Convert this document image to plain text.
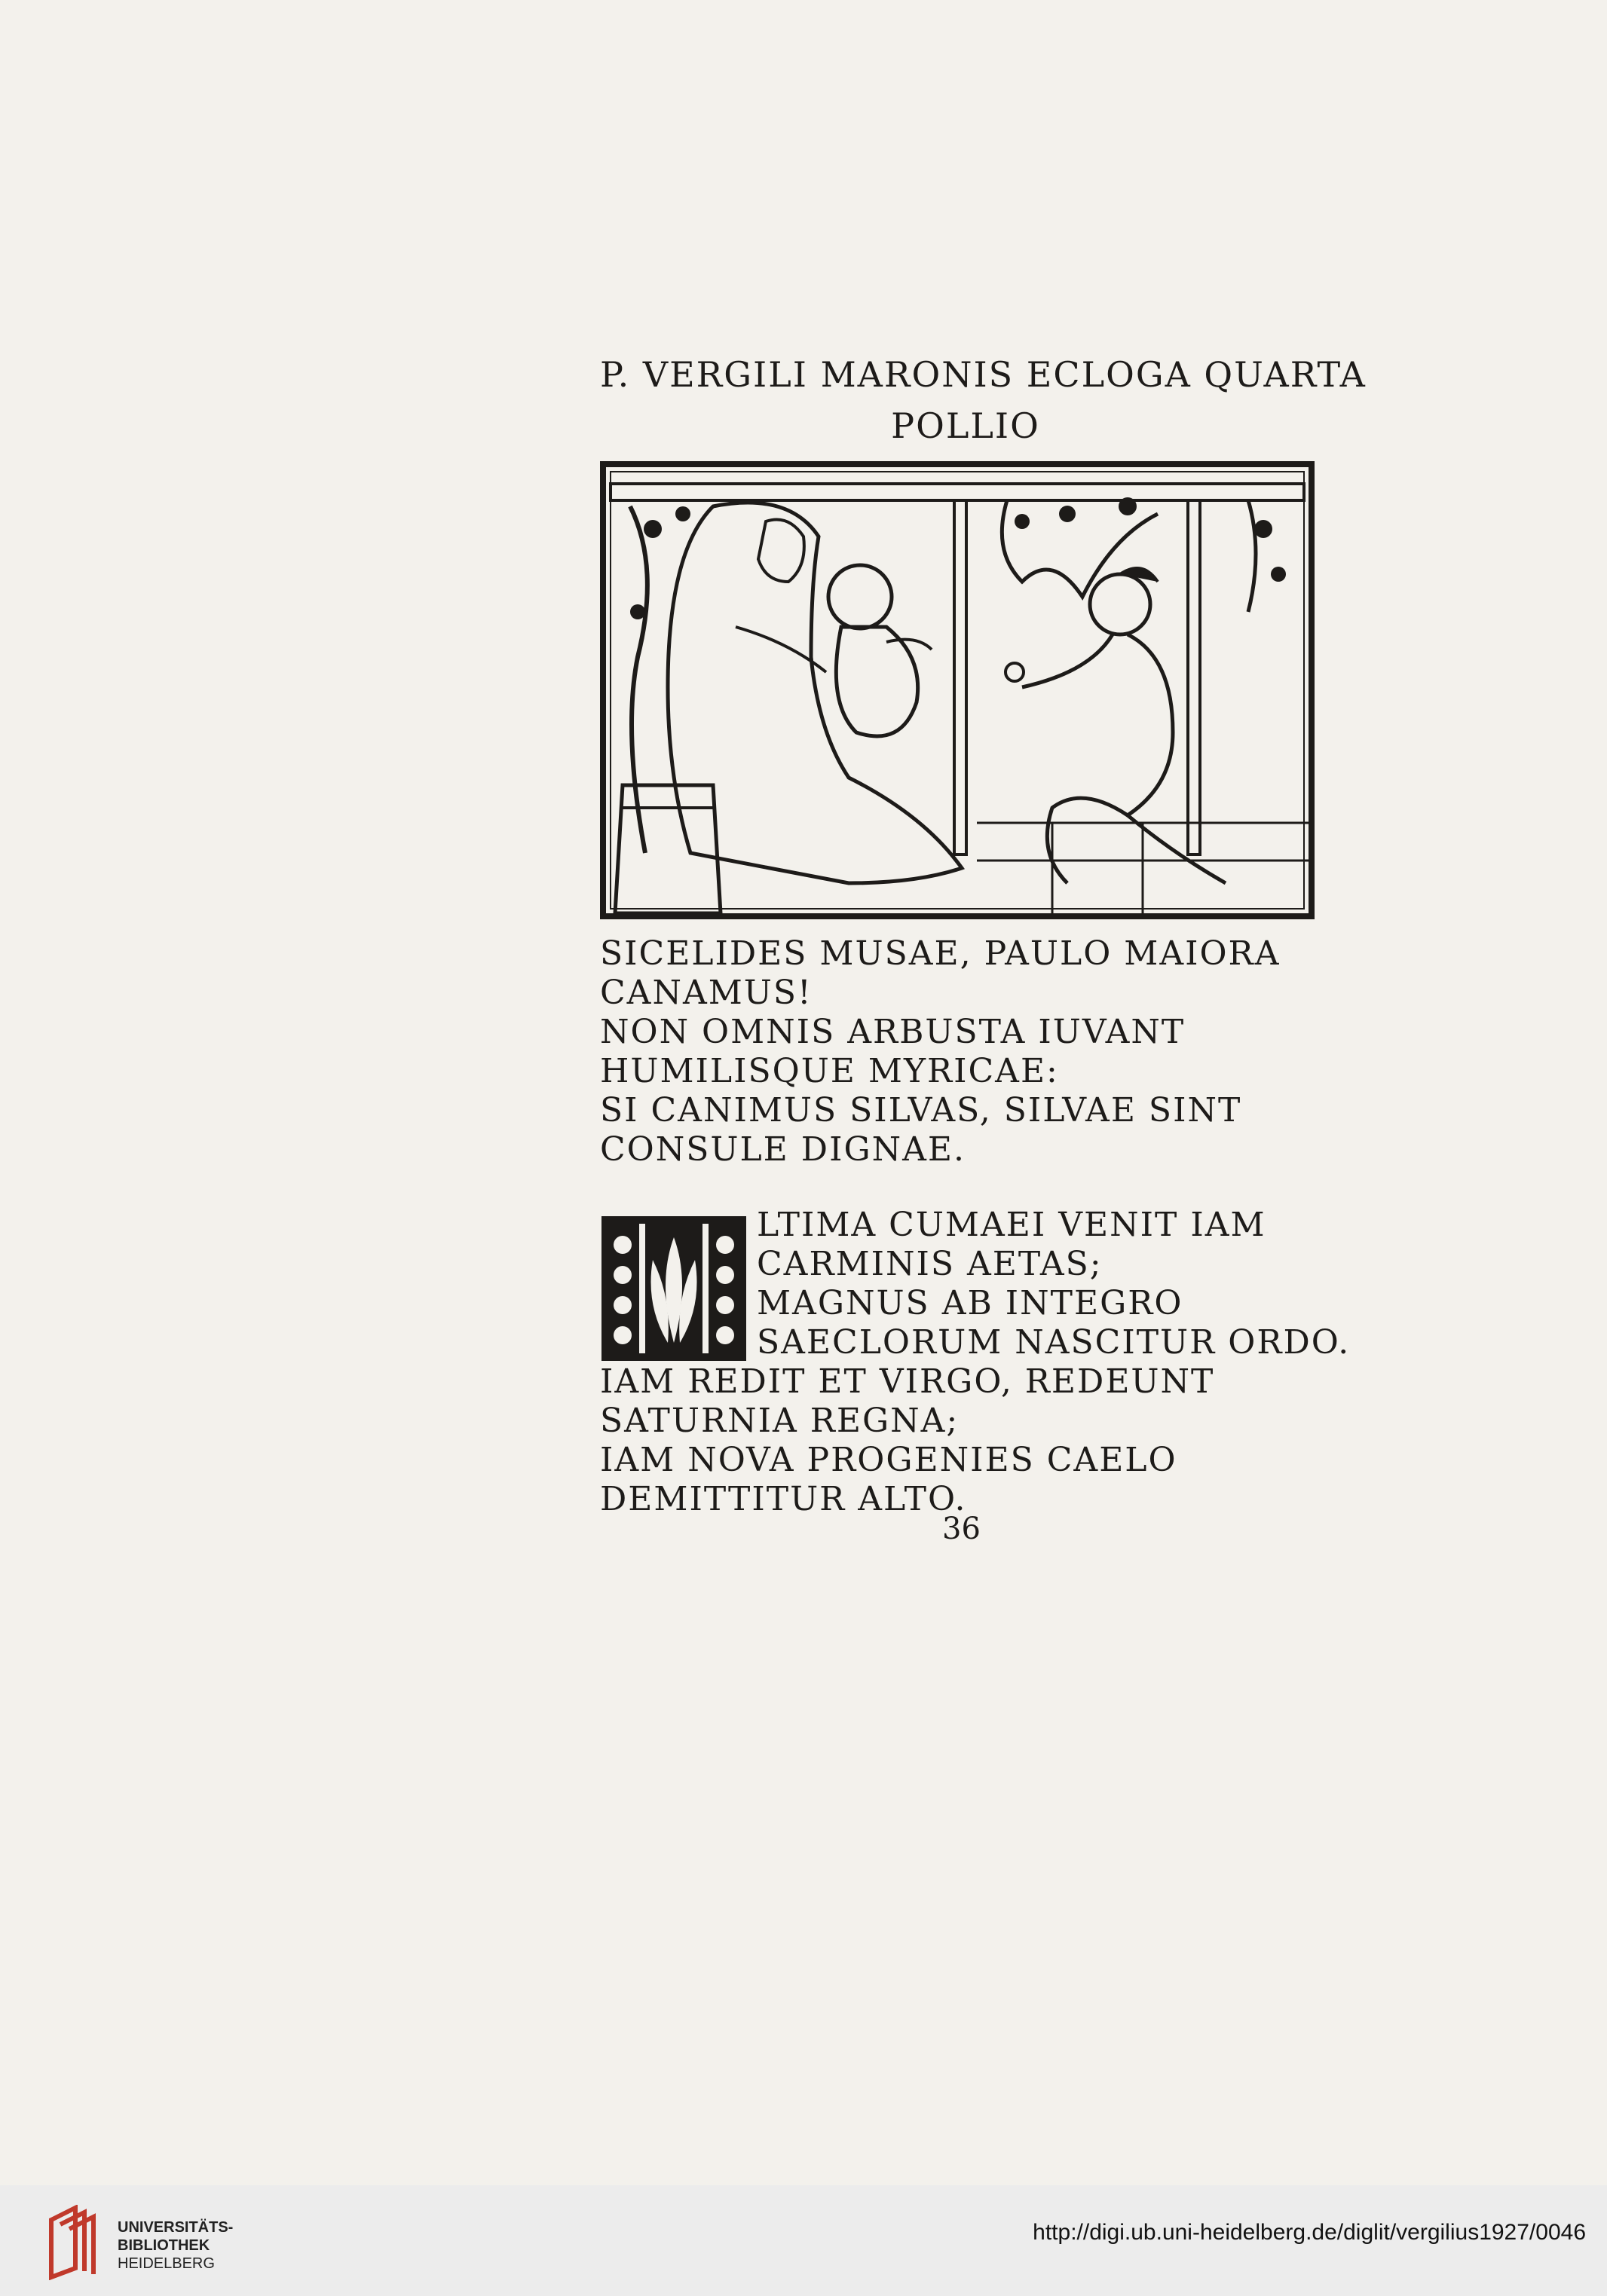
P. VERGILI MARONIS ECLOGA QUARTA
POLLIO
SICELIDES MUSAE, PAULO MAIORA
CANAMUS!
NON OMNIS ARBUSTA IUVANT
HUMILISQUE MYRICAE:
SI CANIMUS SILVAS, SILVAE SINT
CONSULE DIGNAE.
U	LTIMA CUMAEI VENIT IAM
CARMINIS AETAS;
MAGNUS AB INTEGRO
SAECLORUM NASCITUR ORDO.
IAM REDIT ET VIRGO, REDEUNT
SATURNIA REGNA;
IAM NOVA PROGENIES CAELO
DEMITTITUR ALTO.
36
UNIVERSITÄTS-
BIBLIOTHEK
HEIDELBERG
http://digi.ub.uni-heidelberg.de/diglit/vergilius1927/0046
